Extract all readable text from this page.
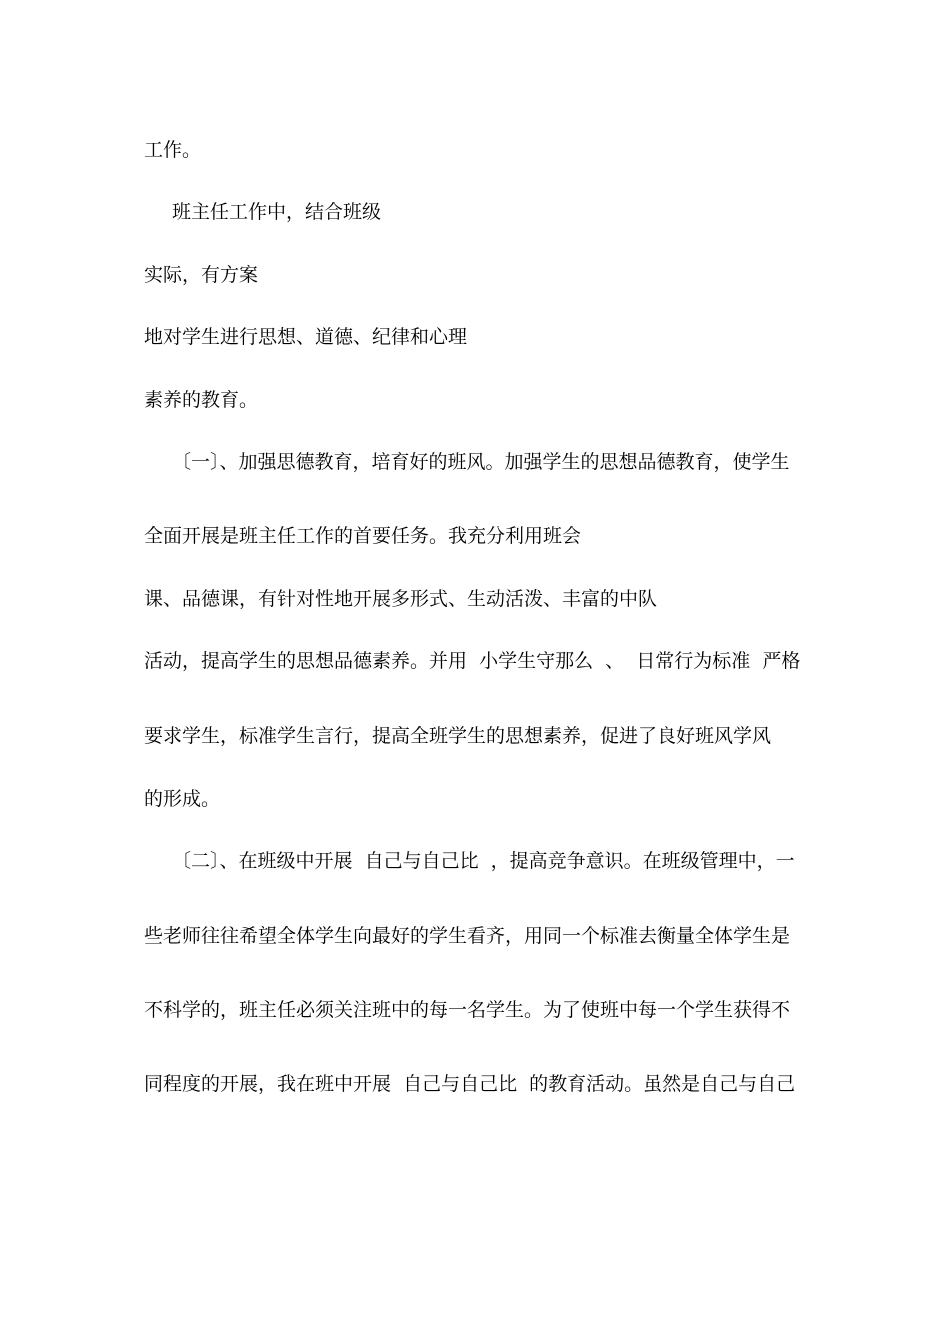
工作。
班主任工作中，结合班级
实际，有方案
地对学生进行思想、道德、纪律和心理
素养的教育。
〔一〕、加强思德教育，培育好的班风。加强学生的思想品德教育，使学生
全面开展是班主任工作的首要任务。我充分利用班会
课、品德课，有针对性地开展多形式、生动活泼、丰富的中队
活动，提高学生的思想品德素养。并用  小学生守那么  、  日常行为标准  严格
要求学生，标准学生言行，提高全班学生的思想素养，促进了良好班风学风
的形成。
〔二〕、在班级中开展  自己与自己比  ，提高竞争意识。在班级管理中，一
些老师往往希望全体学生向最好的学生看齐，用同一个标准去衡量全体学生是
不科学的，班主任必须关注班中的每一名学生。为了使班中每一个学生获得不
同程度的开展，我在班中开展  自己与自己比  的教育活动。虽然是自己与自己
